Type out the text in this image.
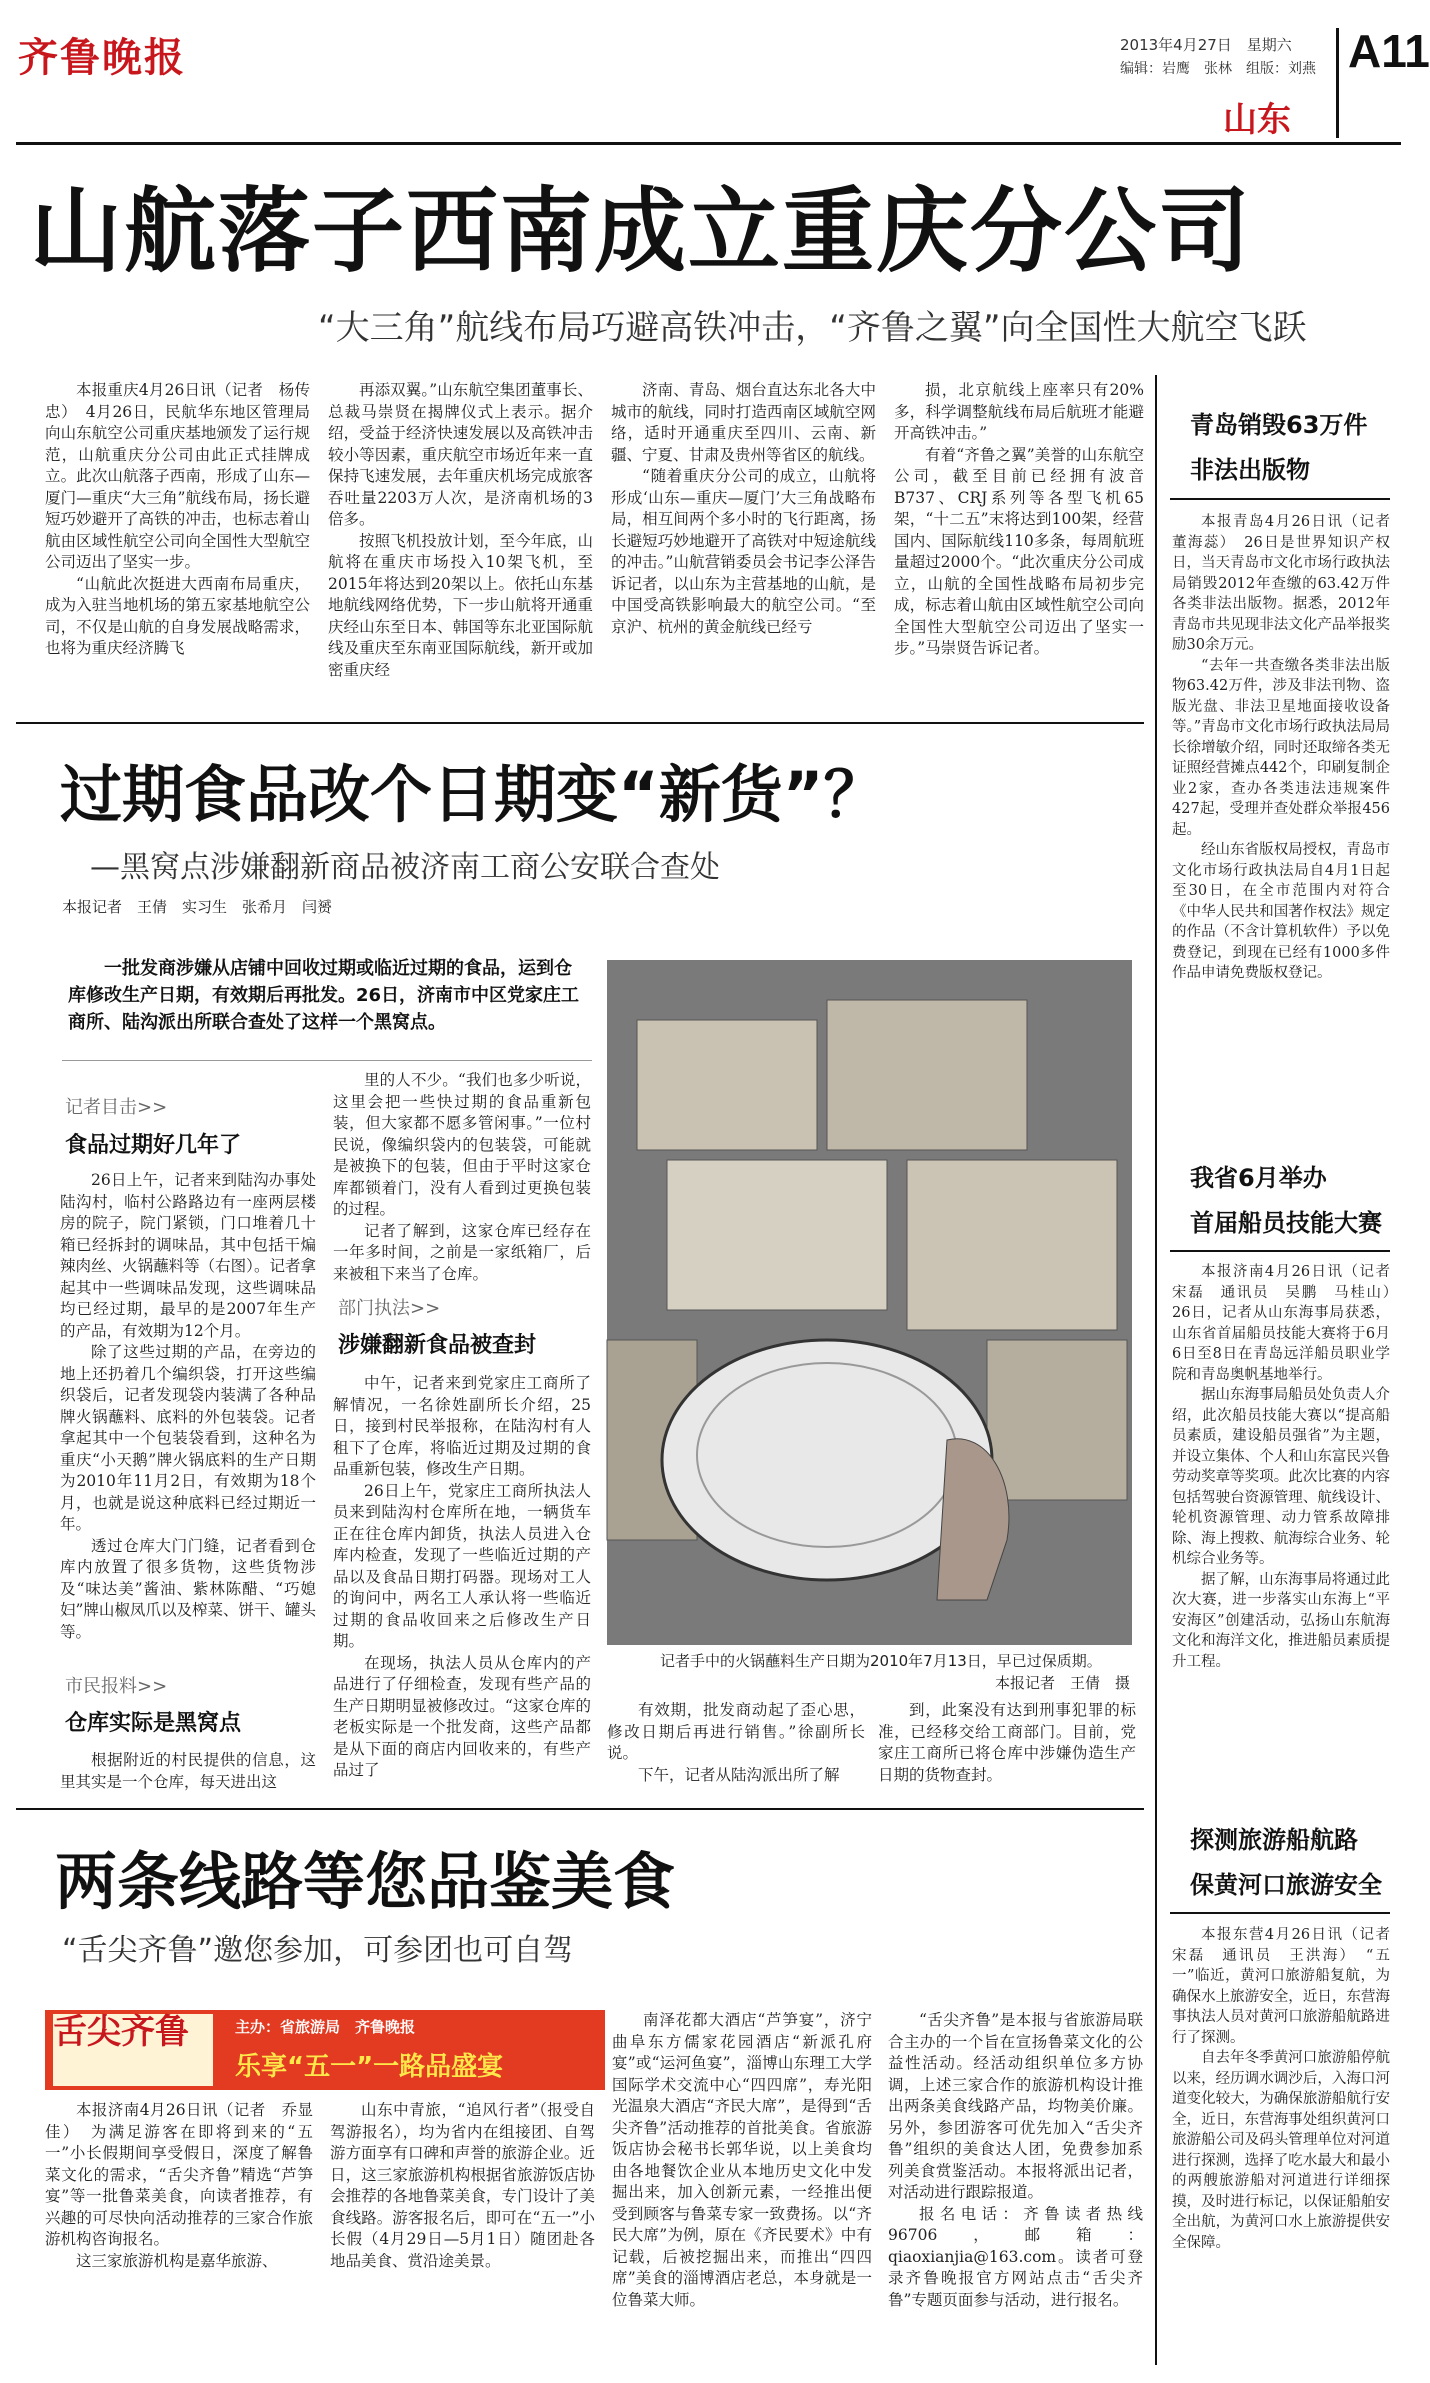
齐鲁晚报	2013年4月27日　星期六
编辑：岩鹰　张林　组版：刘燕 A11
山东
山航落子西南成立重庆分公司
“大三角”航线布局巧避高铁冲击，“齐鲁之翼”向全国性大航空飞跃

本报重庆4月26日讯（记者　杨传忠）　4月26日，民航华东地区管理局向山东航空公司重庆基地颁发了运行规范，山航重庆分公司由此正式挂牌成立。此次山航落子西南，形成了山东—厦门—重庆“大三角”航线布局，扬长避短巧妙避开了高铁的冲击，也标志着山航由区域性航空公司向全国性大型航空公司迈出了坚实一步。

“山航此次挺进大西南布局重庆，成为入驻当地机场的第五家基地航空公司，不仅是山航的自身发展战略需求，也将为重庆经济腾飞

再添双翼。”山东航空集团董事长、总裁马崇贤在揭牌仪式上表示。据介绍，受益于经济快速发展以及高铁冲击较小等因素，重庆航空市场近年来一直保持飞速发展，去年重庆机场完成旅客吞吐量2203万人次，是济南机场的3倍多。

按照飞机投放计划，至今年底，山航将在重庆市场投入10架飞机，至2015年将达到20架以上。依托山东基地航线网络优势，下一步山航将开通重庆经山东至日本、韩国等东北亚国际航线及重庆至东南亚国际航线，新开或加密重庆经

济南、青岛、烟台直达东北各大中城市的航线，同时打造西南区域航空网络，适时开通重庆至四川、云南、新疆、宁夏、甘肃及贵州等省区的航线。

“随着重庆分公司的成立，山航将形成‘山东—重庆—厦门’大三角战略布局，相互间两个多小时的飞行距离，扬长避短巧妙地避开了高铁对中短途航线的冲击。”山航营销委员会书记李公泽告诉记者，以山东为主营基地的山航，是中国受高铁影响最大的航空公司。“至京沪、杭州的黄金航线已经亏

损，北京航线上座率只有20%多，科学调整航线布局后航班才能避开高铁冲击。”

有着“齐鲁之翼”美誉的山东航空公司，截至目前已经拥有波音B737、CRJ系列等各型飞机65架，“十二五”末将达到100架，经营国内、国际航线110多条，每周航班量超过2000个。“此次重庆分公司成立，山航的全国性战略布局初步完成，标志着山航由区域性航空公司向全国性大型航空公司迈出了坚实一步。”马崇贤告诉记者。

过期食品改个日期变“新货”？
—黑窝点涉嫌翻新商品被济南工商公安联合查处
本报记者　王倩　实习生　张希月　闫赟
一批发商涉嫌从店铺中回收过期或临近过期的食品，运到仓库修改生产日期，有效期后再批发。26日，济南市中区党家庄工商所、陆沟派出所联合查处了这样一个黑窝点。
记者目击>>
食品过期好几年了

26日上午，记者来到陆沟办事处陆沟村，临村公路路边有一座两层楼房的院子，院门紧锁，门口堆着几十箱已经拆封的调味品，其中包括干煸辣肉丝、火锅蘸料等（右图）。记者拿起其中一些调味品发现，这些调味品均已经过期，最早的是2007年生产的产品，有效期为12个月。

除了这些过期的产品，在旁边的地上还扔着几个编织袋，打开这些编织袋后，记者发现袋内装满了各种品牌火锅蘸料、底料的外包装袋。记者拿起其中一个包装袋看到，这种名为重庆“小天鹅”牌火锅底料的生产日期为2010年11月2日，有效期为18个月，也就是说这种底料已经过期近一年。

透过仓库大门门缝，记者看到仓库内放置了很多货物，这些货物涉及“味达美”酱油、紫林陈醋、“巧媳妇”牌山椒凤爪以及榨菜、饼干、罐头等。

市民报料>>
仓库实际是黑窝点

根据附近的村民提供的信息，这里其实是一个仓库，每天进出这

里的人不少。“我们也多少听说，这里会把一些快过期的食品重新包装，但大家都不愿多管闲事。”一位村民说，像编织袋内的包装袋，可能就是被换下的包装，但由于平时这家仓库都锁着门，没有人看到过更换包装的过程。

记者了解到，这家仓库已经存在一年多时间，之前是一家纸箱厂，后来被租下来当了仓库。

部门执法>>
涉嫌翻新食品被查封

中午，记者来到党家庄工商所了解情况，一名徐姓副所长介绍，25日，接到村民举报称，在陆沟村有人租下了仓库，将临近过期及过期的食品重新包装，修改生产日期。

26日上午，党家庄工商所执法人员来到陆沟村仓库所在地，一辆货车正在往仓库内卸货，执法人员进入仓库内检查，发现了一些临近过期的产品以及食品日期打码器。现场对工人的询问中，两名工人承认将一些临近过期的食品收回来之后修改生产日期。

在现场，执法人员从仓库内的产品进行了仔细检查，发现有些产品的生产日期明显被修改过。“这家仓库的老板实际是一个批发商，这些产品都是从下面的商店内回收来的，有些产品过了

记者手中的火锅蘸料生产日期为2010年7月13日，早已过保质期。
本报记者　王倩　摄

有效期，批发商动起了歪心思，修改日期后再进行销售。”徐副所长说。

下午，记者从陆沟派出所了解

到，此案没有达到刑事犯罪的标准，已经移交给工商部门。目前，党家庄工商所已将仓库中涉嫌伪造生产日期的货物查封。

两条线路等您品鉴美食
“舌尖齐鲁”邀您参加，可参团也可自驾
舌尖齐鲁	主办：省旅游局　齐鲁晚报
乐享“五一”一路品盛宴

本报济南4月26日讯（记者　乔显佳）　为满足游客在即将到来的“五一”小长假期间享受假日，深度了解鲁菜文化的需求，“舌尖齐鲁”精选“芦笋宴”等一批鲁菜美食，向读者推荐，有兴趣的可尽快向活动推荐的三家合作旅游机构咨询报名。

这三家旅游机构是嘉华旅游、

山东中青旅，“追风行者”（报受自驾游报名），均为省内在组接团、自驾游方面享有口碑和声誉的旅游企业。近日，这三家旅游机构根据省旅游饭店协会推荐的各地鲁菜美食，专门设计了美食线路。游客报名后，即可在“五一”小长假（4月29日—5月1日）随团赴各地品美食、赏沿途美景。

南泽花都大酒店“芦笋宴”，济宁曲阜东方儒家花园酒店“新派孔府宴”或“运河鱼宴”，淄博山东理工大学国际学术交流中心“四四席”，寿光阳光温泉大酒店“齐民大席”，是得到“舌尖齐鲁”活动推荐的首批美食。省旅游饭店协会秘书长郭华说，以上美食均由各地餐饮企业从本地历史文化中发掘出来，加入创新元素，一经推出便受到顾客与鲁菜专家一致费扬。以“齐民大席”为例，原在《齐民要术》中有记载，后被挖掘出来，而推出“四四席”美食的淄博酒店老总，本身就是一位鲁菜大师。

“舌尖齐鲁”是本报与省旅游局联合主办的一个旨在宣扬鲁菜文化的公益性活动。经活动组织单位多方协调，上述三家合作的旅游机构设计推出两条美食线路产品，均物美价廉。另外，参团游客可优先加入“舌尖齐鲁”组织的美食达人团，免费参加系列美食赏鉴活动。本报将派出记者，对活动进行跟踪报道。

报名电话：齐鲁读者热线96706，邮箱：qiaoxianjia@163.com。读者可登录齐鲁晚报官方网站点击“舌尖齐鲁”专题页面参与活动，进行报名。

青岛销毁63万件
非法出版物

本报青岛4月26日讯（记者　董海蕊）　26日是世界知识产权日，当天青岛市文化市场行政执法局销毁2012年查缴的63.42万件各类非法出版物。据悉，2012年青岛市共见现非法文化产品举报奖励30余万元。

“去年一共查缴各类非法出版物63.42万件，涉及非法刊物、盗版光盘、非法卫星地面接收设备等。”青岛市文化市场行政执法局局长徐增敏介绍，同时还取缔各类无证照经营摊点442个，印刷复制企业2家，查办各类违法违规案件427起，受理并查处群众举报456起。

经山东省版权局授权，青岛市文化市场行政执法局自4月1日起至30日，在全市范围内对符合《中华人民共和国著作权法》规定的作品（不含计算机软件）予以免费登记，到现在已经有1000多件作品申请免费版权登记。

我省6月举办
首届船员技能大赛

本报济南4月26日讯（记者　宋磊　通讯员　吴鹏　马桂山）　26日，记者从山东海事局获悉，山东省首届船员技能大赛将于6月6日至8日在青岛远洋船员职业学院和青岛奥帆基地举行。

据山东海事局船员处负责人介绍，此次船员技能大赛以“提高船员素质，建设船员强省”为主题，并设立集体、个人和山东富民兴鲁劳动奖章等奖项。此次比赛的内容包括驾驶台资源管理、航线设计、轮机资源管理、动力管系故障排除、海上搜救、航海综合业务、轮机综合业务等。

据了解，山东海事局将通过此次大赛，进一步落实山东海上“平安海区”创建活动，弘扬山东航海文化和海洋文化，推进船员素质提升工程。

探测旅游船航路
保黄河口旅游安全

本报东营4月26日讯（记者　宋磊　通讯员　王洪海）　“五一”临近，黄河口旅游船复航，为确保水上旅游安全，近日，东营海事执法人员对黄河口旅游船航路进行了探测。

自去年冬季黄河口旅游船停航以来，经历调水调沙后，入海口河道变化较大，为确保旅游船航行安全，近日，东营海事处组织黄河口旅游船公司及码头管理单位对河道进行探测，选择了吃水最大和最小的两艘旅游船对河道进行详细探摸，及时进行标记，以保证船舶安全出航，为黄河口水上旅游提供安全保障。
